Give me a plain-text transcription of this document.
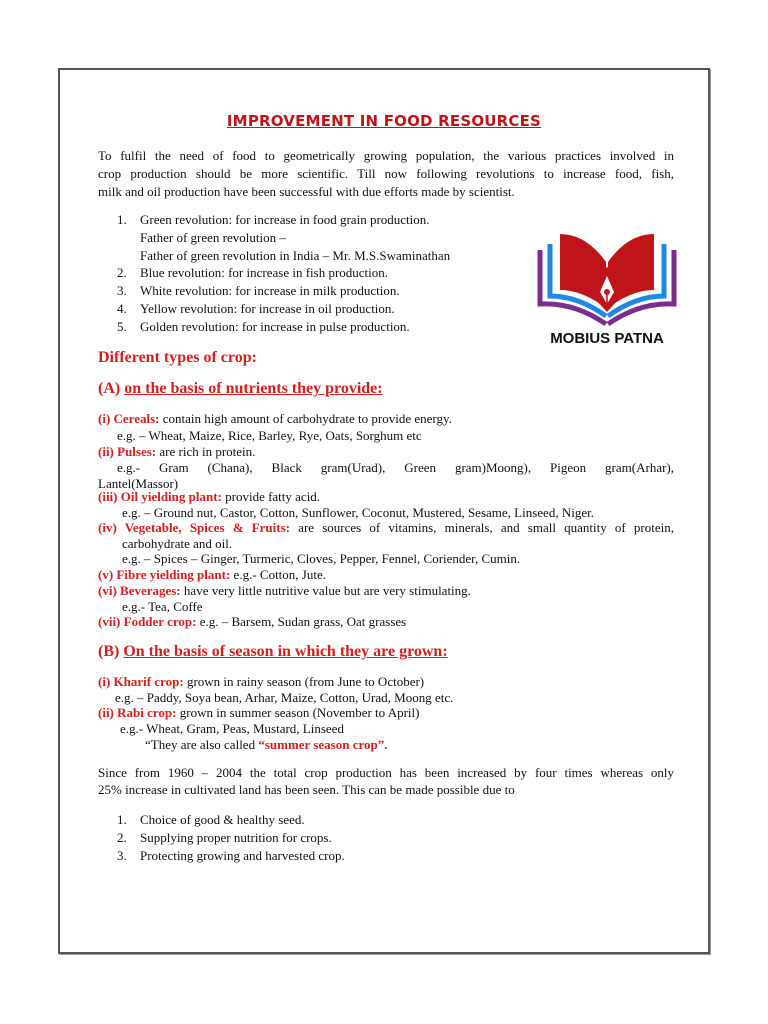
IMPROVEMENT IN FOOD RESOURCES
To fulfil the need of food to geometrically growing population, the various practices involved in
crop production should be more scientific. Till now following revolutions to increase food, fish,
milk and oil production have been successful with due efforts made by scientist.
1. Green revolution: for increase in food grain production.
Father of green revolution –
Father of green revolution in India – Mr. M.S.Swaminathan
2. Blue revolution: for increase in fish production.
3. White revolution: for increase in milk production.
4. Yellow revolution: for increase in oil production.
5. Golden revolution: for increase in pulse production.
MOBIUS PATNA
Different types of crop:
(A) on the basis of nutrients they provide:
(i) Cereals: contain high amount of carbohydrate to provide energy.
e.g. – Wheat, Maize, Rice, Barley, Rye, Oats, Sorghum etc
(ii) Pulses: are rich in protein.
e.g.- Gram (Chana), Black gram(Urad), Green gram)Moong), Pigeon gram(Arhar),
Lantel(Massor)
(iii) Oil yielding plant: provide fatty acid.
e.g. – Ground nut, Castor, Cotton, Sunflower, Coconut, Mustered, Sesame, Linseed, Niger.
(iv) Vegetable, Spices & Fruits: are sources of vitamins, minerals, and small quantity of protein,
carbohydrate and oil.
e.g. – Spices – Ginger, Turmeric, Cloves, Pepper, Fennel, Coriender, Cumin.
(v) Fibre yielding plant: e.g.- Cotton, Jute.
(vi) Beverages: have very little nutritive value but are very stimulating.
e.g.- Tea, Coffe
(vii) Fodder crop: e.g. – Barsem, Sudan grass, Oat grasses
(B) On the basis of season in which they are grown:
(i) Kharif crop: grown in rainy season (from June to October)
e.g. – Paddy, Soya bean, Arhar, Maize, Cotton, Urad, Moong etc.
(ii) Rabi crop: grown in summer season (November to April)
e.g.- Wheat, Gram, Peas, Mustard, Linseed
“They are also called “summer season crop”.
Since from 1960 – 2004 the total crop production has been increased by four times whereas only
25% increase in cultivated land has been seen. This can be made possible due to
1. Choice of good & healthy seed.
2. Supplying proper nutrition for crops.
3. Protecting growing and harvested crop.
